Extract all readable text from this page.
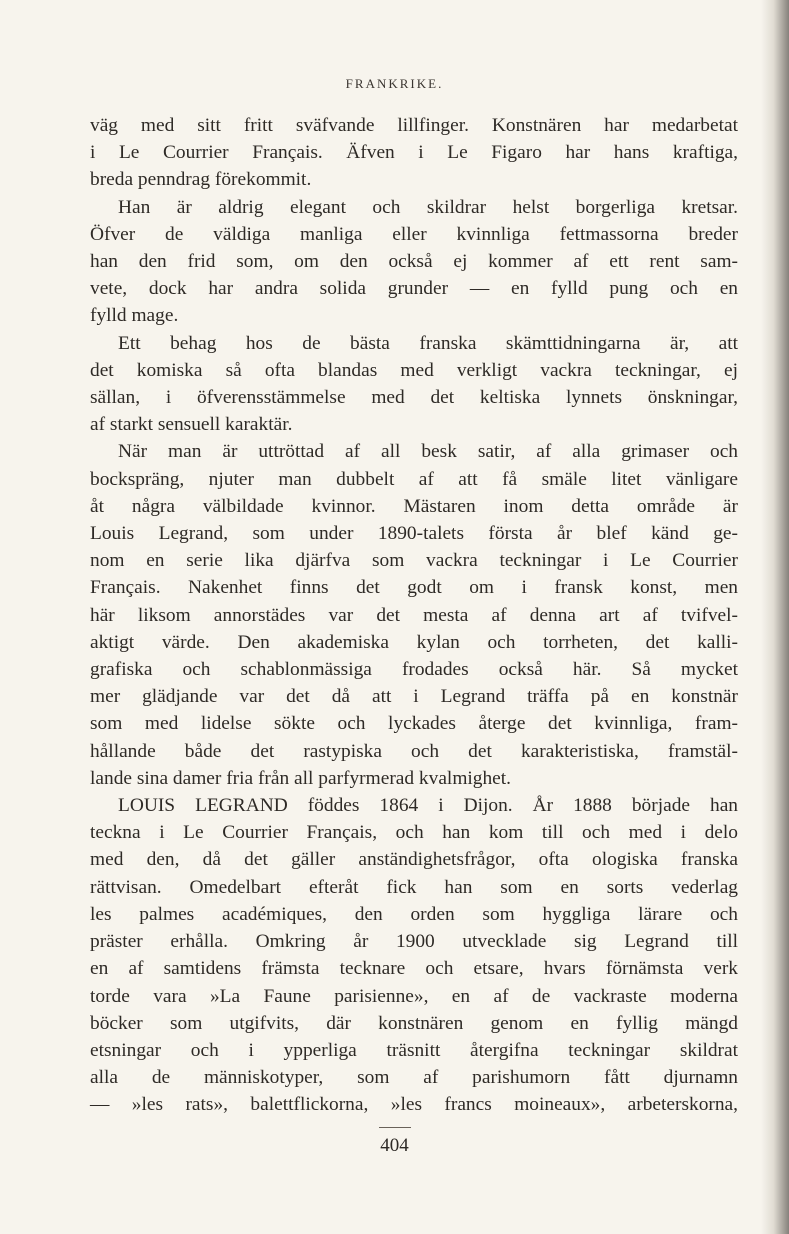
FRANKRIKE.
väg med sitt fritt sväfvande lillfinger. Konstnären har medarbetat
i Le Courrier Français. Äfven i Le Figaro har hans kraftiga,
breda penndrag förekommit.
Han är aldrig elegant och skildrar helst borgerliga kretsar.
Öfver de väldiga manliga eller kvinnliga fettmassorna breder
han den frid som, om den också ej kommer af ett rent sam-
vete, dock har andra solida grunder — en fylld pung och en
fylld mage.
Ett behag hos de bästa franska skämttidningarna är, att
det komiska så ofta blandas med verkligt vackra teckningar, ej
sällan, i öfverensstämmelse med det keltiska lynnets önskningar,
af starkt sensuell karaktär.
När man är uttröttad af all besk satir, af alla grimaser och
bockspräng, njuter man dubbelt af att få smäle litet vänligare
åt några välbildade kvinnor. Mästaren inom detta område är
Louis Legrand, som under 1890-talets första år blef känd ge-
nom en serie lika djärfva som vackra teckningar i Le Courrier
Français. Nakenhet finns det godt om i fransk konst, men
här liksom annorstädes var det mesta af denna art af tvifvel-
aktigt värde. Den akademiska kylan och torrheten, det kalli-
grafiska och schablonmässiga frodades också här. Så mycket
mer glädjande var det då att i Legrand träffa på en konstnär
som med lidelse sökte och lyckades återge det kvinnliga, fram-
hållande både det rastypiska och det karakteristiska, framstäl-
lande sina damer fria från all parfyrmerad kvalmighet.
LOUIS LEGRAND föddes 1864 i Dijon. År 1888 började han
teckna i Le Courrier Français, och han kom till och med i delo
med den, då det gäller anständighetsfrågor, ofta ologiska franska
rättvisan. Omedelbart efteråt fick han som en sorts vederlag
les palmes académiques, den orden som hyggliga lärare och
präster erhålla. Omkring år 1900 utvecklade sig Legrand till
en af samtidens främsta tecknare och etsare, hvars förnämsta verk
torde vara »La Faune parisienne», en af de vackraste moderna
böcker som utgifvits, där konstnären genom en fyllig mängd
etsningar och i ypperliga träsnitt återgifna teckningar skildrat
alla de människotyper, som af parishumorn fått djurnamn
— »les rats», balettflickorna, »les francs moineaux», arbeterskorna,
404
